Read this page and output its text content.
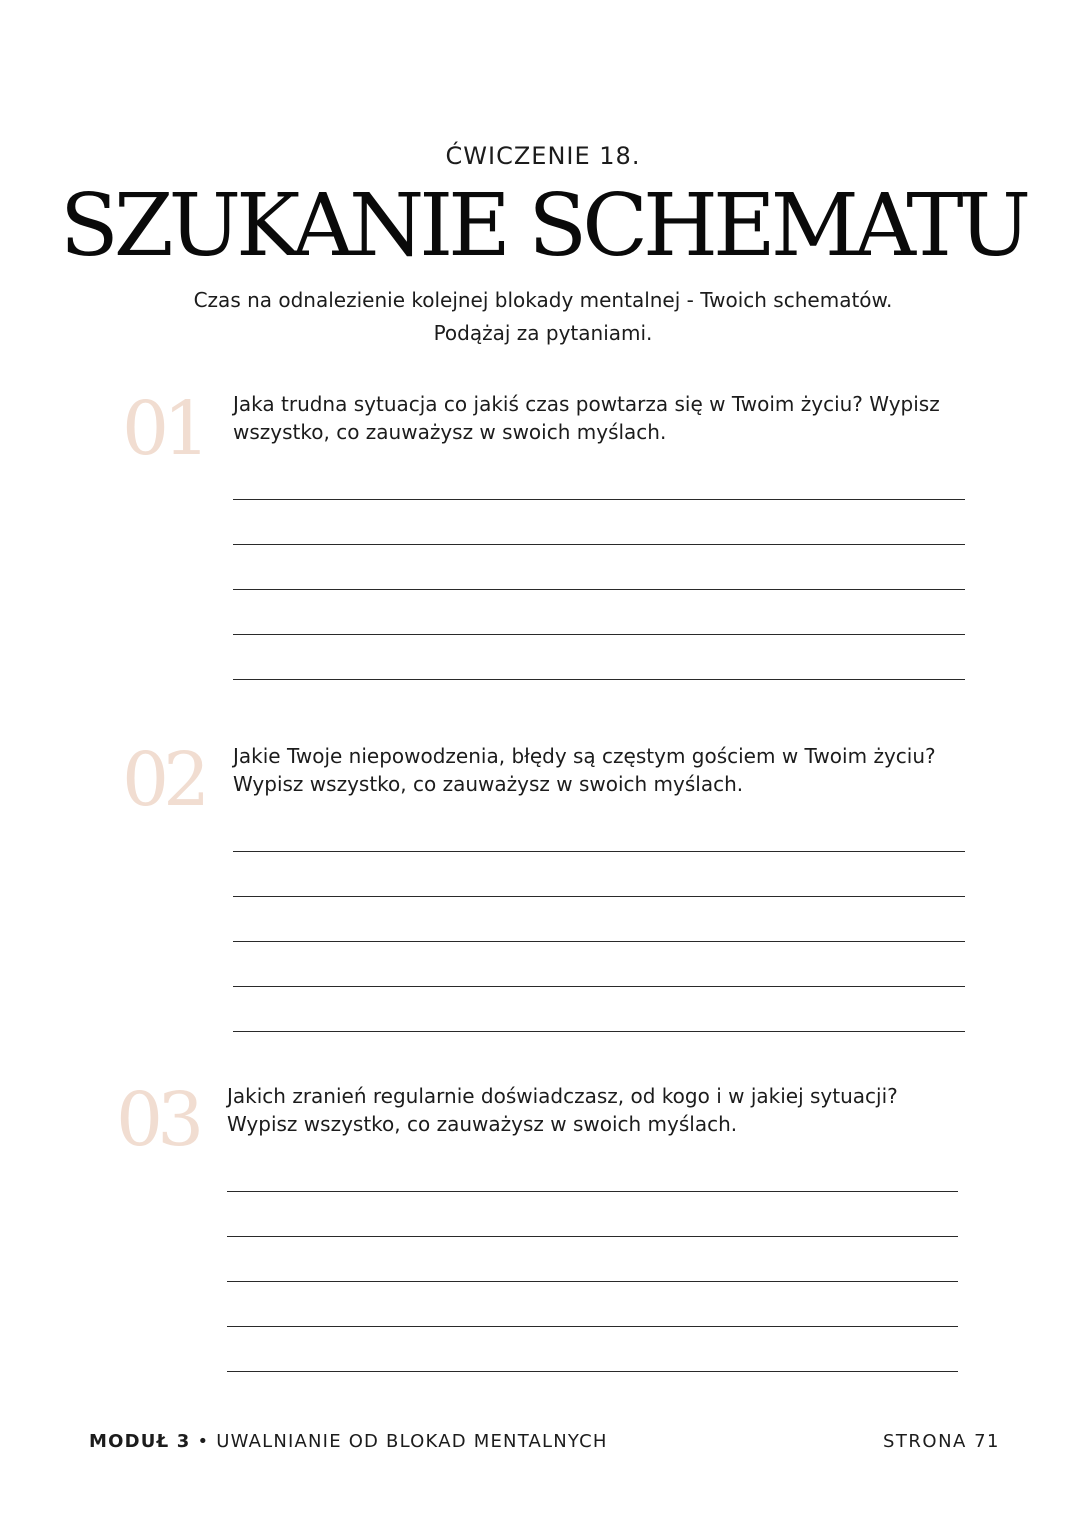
ĆWICZENIE 18.
SZUKANIE SCHEMATU
Czas na odnalezienie kolejnej blokady mentalnej - Twoich schematów.
Podążaj za pytaniami.
01 Jaka trudna sytuacja co jakiś czas powtarza się w Twoim życiu? Wypisz
wszystko, co zauważysz w swoich myślach.
02 Jakie Twoje niepowodzenia, błędy są częstym gościem w Twoim życiu?
Wypisz wszystko, co zauważysz w swoich myślach.
03 Jakich zranień regularnie doświadczasz, od kogo i w jakiej sytuacji?
Wypisz wszystko, co zauważysz w swoich myślach.
MODUŁ 3 • UWALNIANIE OD BLOKAD MENTALNYCH	STRONA 71
